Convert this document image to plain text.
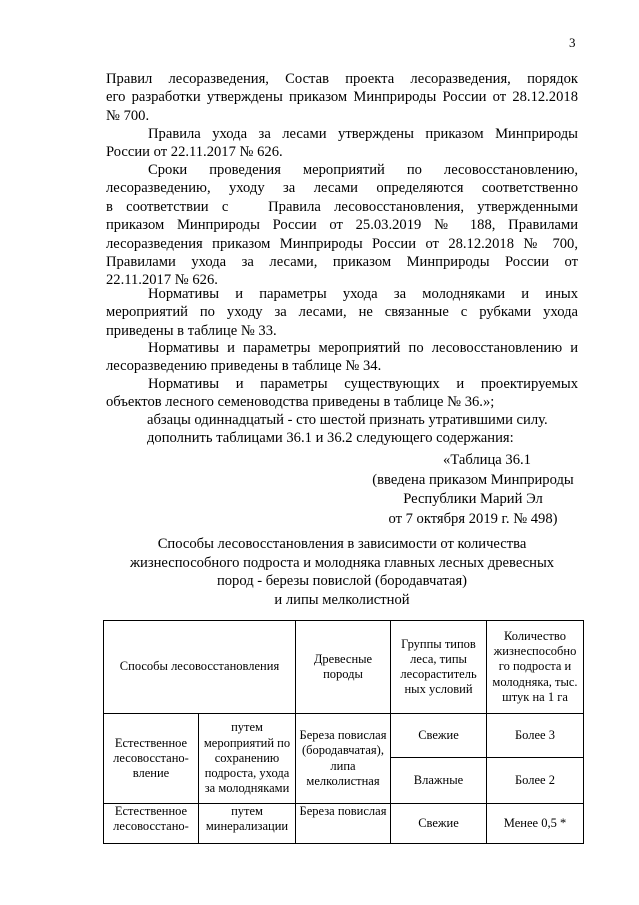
3
Правил лесоразведения, Состав проекта лесоразведения, порядок
его разработки утверждены приказом Минприроды России от 28.12.2018
№ 700.
Правила ухода за лесами утверждены приказом Минприроды
России от 22.11.2017 № 626.
Сроки проведения мероприятий по лесовосстановлению,
лесоразведению, уходу за лесами определяются соответственно
в соответствии с   Правила лесовосстановления, утвержденными
приказом Минприроды России от 25.03.2019 № 188, Правилами
лесоразведения приказом Минприроды России от 28.12.2018 № 700,
Правилами ухода за лесами, приказом Минприроды России от
22.11.2017 № 626.
Нормативы и параметры ухода за молодняками и иных
мероприятий по уходу за лесами, не связанные с рубками ухода
приведены в таблице № 33.
Нормативы и параметры мероприятий по лесовосстановлению и
лесоразведению приведены в таблице № 34.
Нормативы и параметры существующих и проектируемых
объектов лесного семеноводства приведены в таблице № 36.»;
абзацы одиннадцатый - сто шестой признать утратившими силу.
дополнить таблицами 36.1 и 36.2 следующего содержания:
«Таблица 36.1
(введена приказом Минприроды
Республики Марий Эл
от 7 октября 2019 г. № 498)
Способы лесовосстановления в зависимости от количества
жизнеспособного подроста и молодняка главных лесных древесных
пород - березы повислой (бородавчатая)
и липы мелколистной
Способы лесовосстановления		Древесные породы	Группы типов леса, типы лесораститель ных условий	Количество жизнеспособно го подроста и молодняка, тыс. штук на 1 га
Естественное лесовосстано- вление	путем мероприятий по сохранению подроста, ухода за молодняками	Береза повислая (бородавчатая), липа мелколистная	Свежие	Более 3
			Влажные	Более 2
Естественное лесовосстано-	путем минерализации	Береза повислая	Свежие	Менее 0,5 *
